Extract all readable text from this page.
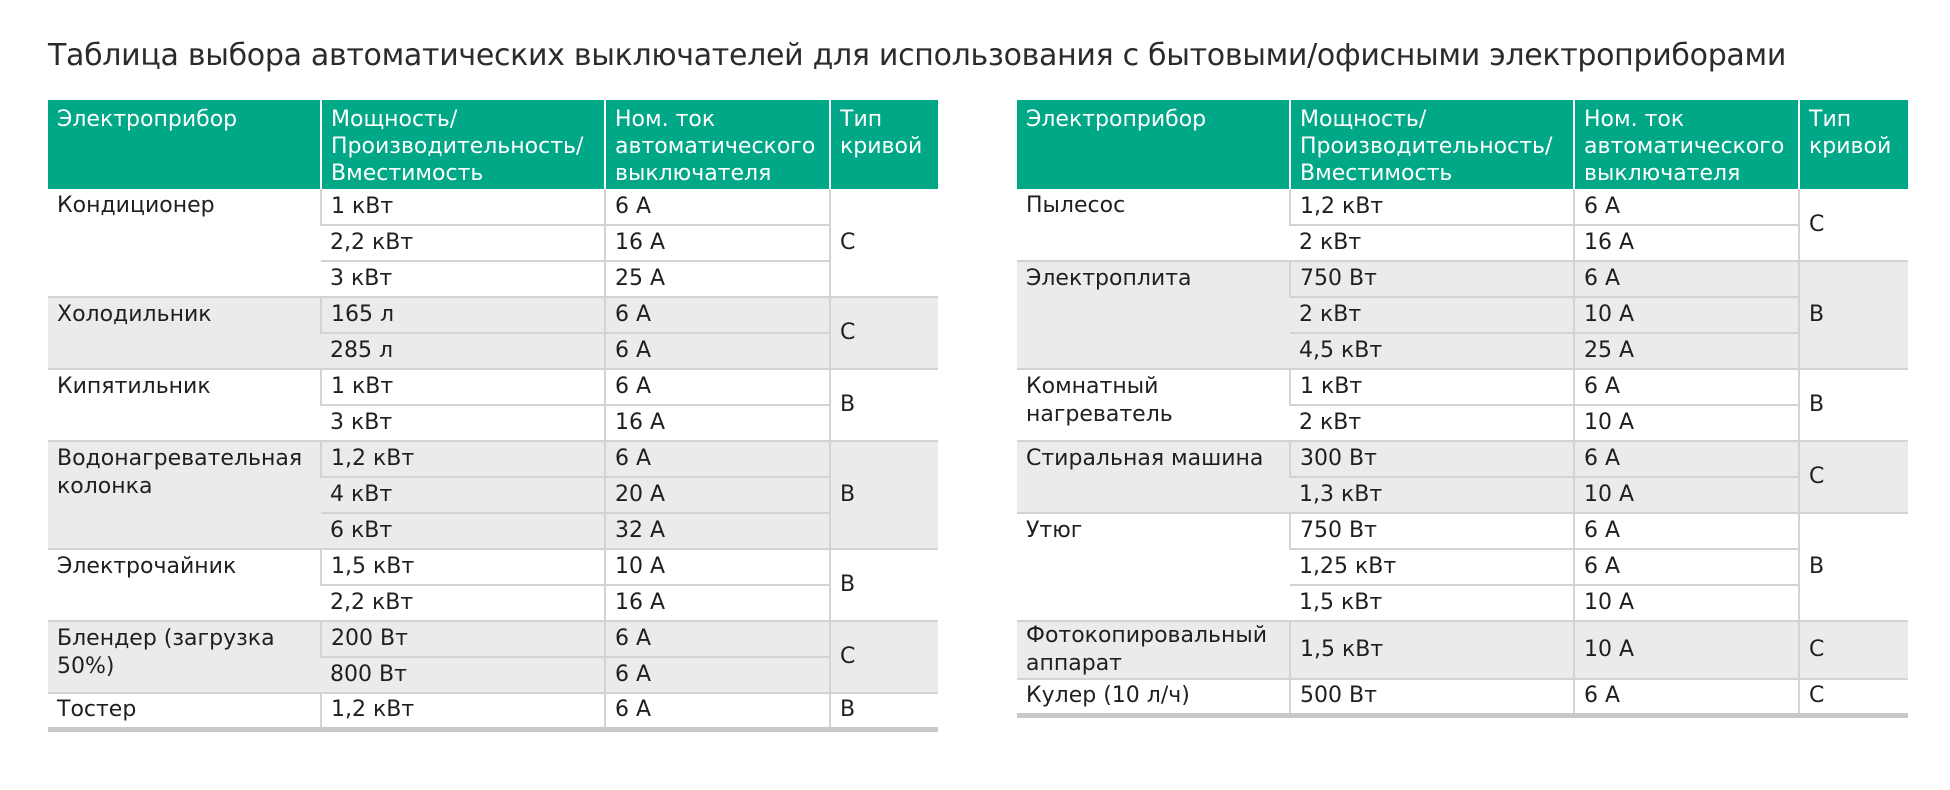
Таблица выбора автоматических выключателей для использования с бытовыми/офисными электроприборами
Электроприбор	Мощность/ Производительность/ Вместимость	Ном. ток автоматического выключателя	Тип кривой
Кондиционер	1 кВт	6 А	C
	2,2 кВт	16 А	
	3 кВт	25 А	
Холодильник	165 л	6 А	C
	285 л	6 А	
Кипятильник	1 кВт	6 А	B
	3 кВт	16 А	
Водонагревательная колонка	1,2 кВт	6 А	B
	4 кВт	20 А	
	6 кВт	32 А	
Электрочайник	1,5 кВт	10 А	B
	2,2 кВт	16 А	
Блендер (загрузка 50%)	200 Вт	6 А	C
	800 Вт	6 А	
Тостер	1,2 кВт	6 А	B
Электроприбор	Мощность/ Производительность/ Вместимость	Ном. ток автоматического выключателя	Тип кривой
Пылесос	1,2 кВт	6 А	C
	2 кВт	16 А	
Электроплита	750 Вт	6 А	B
	2 кВт	10 А	
	4,5 кВт	25 А	
Комнатный нагреватель	1 кВт	6 А	B
	2 кВт	10 А	
Стиральная машина	300 Вт	6 А	C
	1,3 кВт	10 А	
Утюг	750 Вт	6 А	B
	1,25 кВт	6 А	
	1,5 кВт	10 А	
Фотокопировальный аппарат	1,5 кВт	10 А	C
Кулер (10 л/ч)	500 Вт	6 А	C
